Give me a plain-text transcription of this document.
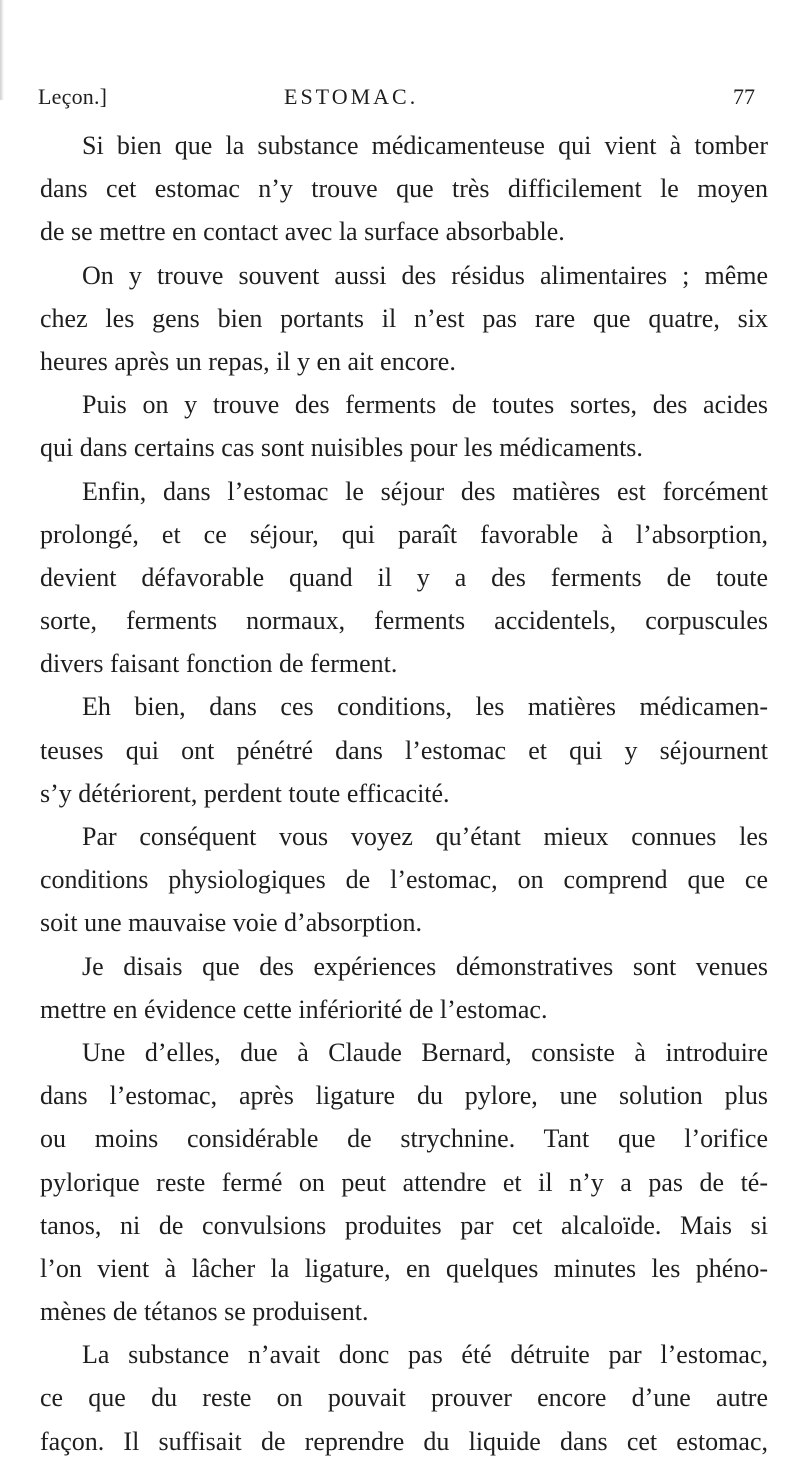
Leçon.]	ESTOMAC.	77
Si bien que la substance médicamenteuse qui vient à tomber
dans cet estomac n’y trouve que très difficilement le moyen
de se mettre en contact avec la surface absorbable.
On y trouve souvent aussi des résidus alimentaires ; même
chez les gens bien portants il n’est pas rare que quatre, six
heures après un repas, il y en ait encore.
Puis on y trouve des ferments de toutes sortes, des acides
qui dans certains cas sont nuisibles pour les médicaments.
Enfin, dans l’estomac le séjour des matières est forcément
prolongé, et ce séjour, qui paraît favorable à l’absorption,
devient défavorable quand il y a des ferments de toute
sorte, ferments normaux, ferments accidentels, corpuscules
divers faisant fonction de ferment.
Eh bien, dans ces conditions, les matières médicamen-
teuses qui ont pénétré dans l’estomac et qui y séjournent
s’y détériorent, perdent toute efficacité.
Par conséquent vous voyez qu’étant mieux connues les
conditions physiologiques de l’estomac, on comprend que ce
soit une mauvaise voie d’absorption.
Je disais que des expériences démonstratives sont venues
mettre en évidence cette infériorité de l’estomac.
Une d’elles, due à Claude Bernard, consiste à introduire
dans l’estomac, après ligature du pylore, une solution plus
ou moins considérable de strychnine. Tant que l’orifice
pylorique reste fermé on peut attendre et il n’y a pas de té-
tanos, ni de convulsions produites par cet alcaloïde. Mais si
l’on vient à lâcher la ligature, en quelques minutes les phéno-
mènes de tétanos se produisent.
La substance n’avait donc pas été détruite par l’estomac,
ce que du reste on pouvait prouver encore d’une autre
façon. Il suffisait de reprendre du liquide dans cet estomac,
